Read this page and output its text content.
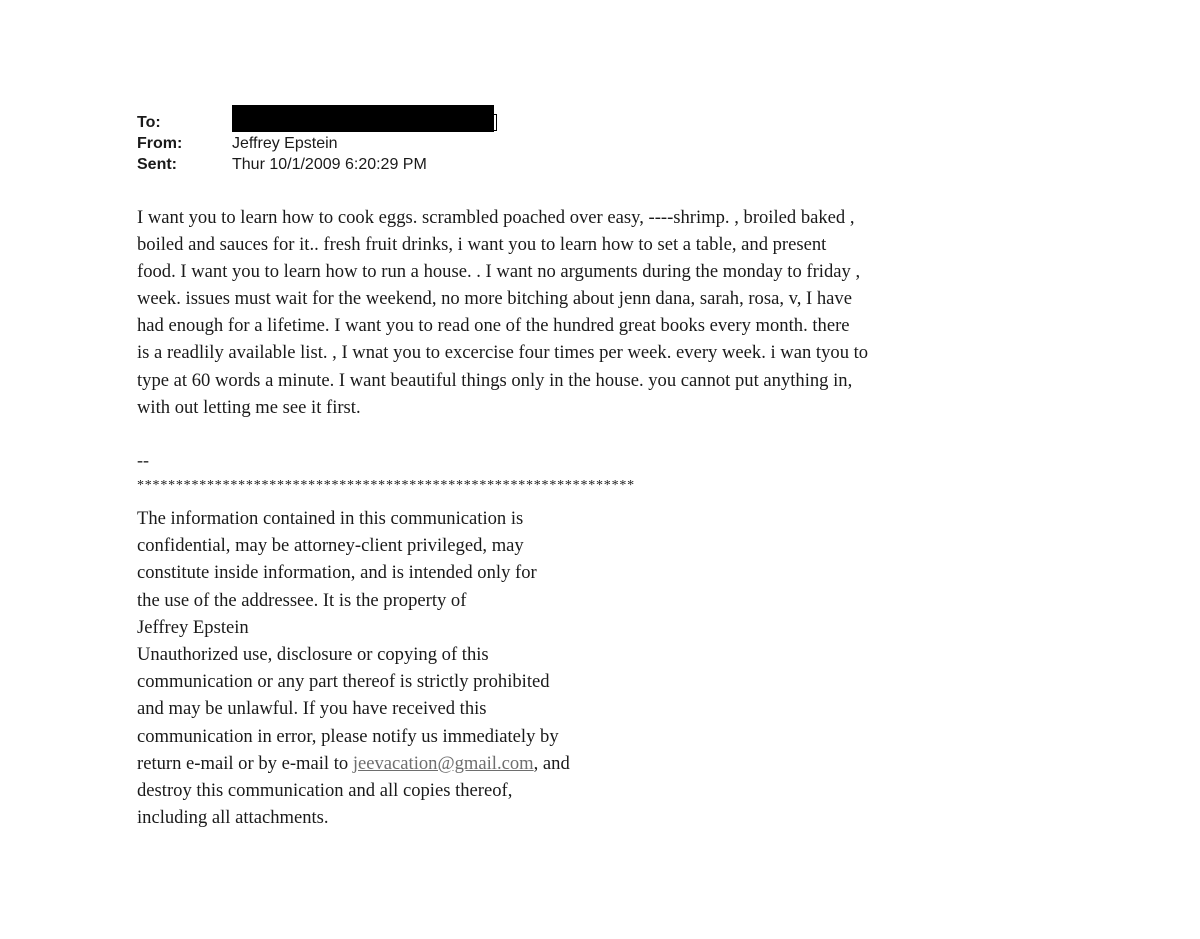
To:
From:	Jeffrey Epstein
Sent:	Thur 10/1/2009 6:20:29 PM
I want you to learn how to cook eggs. scrambled poached over easy, ----shrimp. , broiled baked ,
boiled and sauces for it.. fresh fruit drinks, i want you to learn how to set a table, and present
food. I want you to learn how to run a house. . I want no arguments during the monday to friday ,
week. issues must wait for the weekend, no more bitching about jenn dana, sarah, rosa, v, I have
had enough for a lifetime. I want you to read one of the hundred great books every month. there
is a readlily available list. , I wnat you to excercise four times per week. every week. i wan tyou to
type at 60 words a minute. I want beautiful things only in the house. you cannot put anything in,
with out letting me see it first.
--
****************************************************************
The information contained in this communication is
confidential, may be attorney-client privileged, may
constitute inside information, and is intended only for
the use of the addressee. It is the property of
Jeffrey Epstein
Unauthorized use, disclosure or copying of this
communication or any part thereof is strictly prohibited
and may be unlawful. If you have received this
communication in error, please notify us immediately by
return e-mail or by e-mail to jeevacation@gmail.com, and
destroy this communication and all copies thereof,
including all attachments.
